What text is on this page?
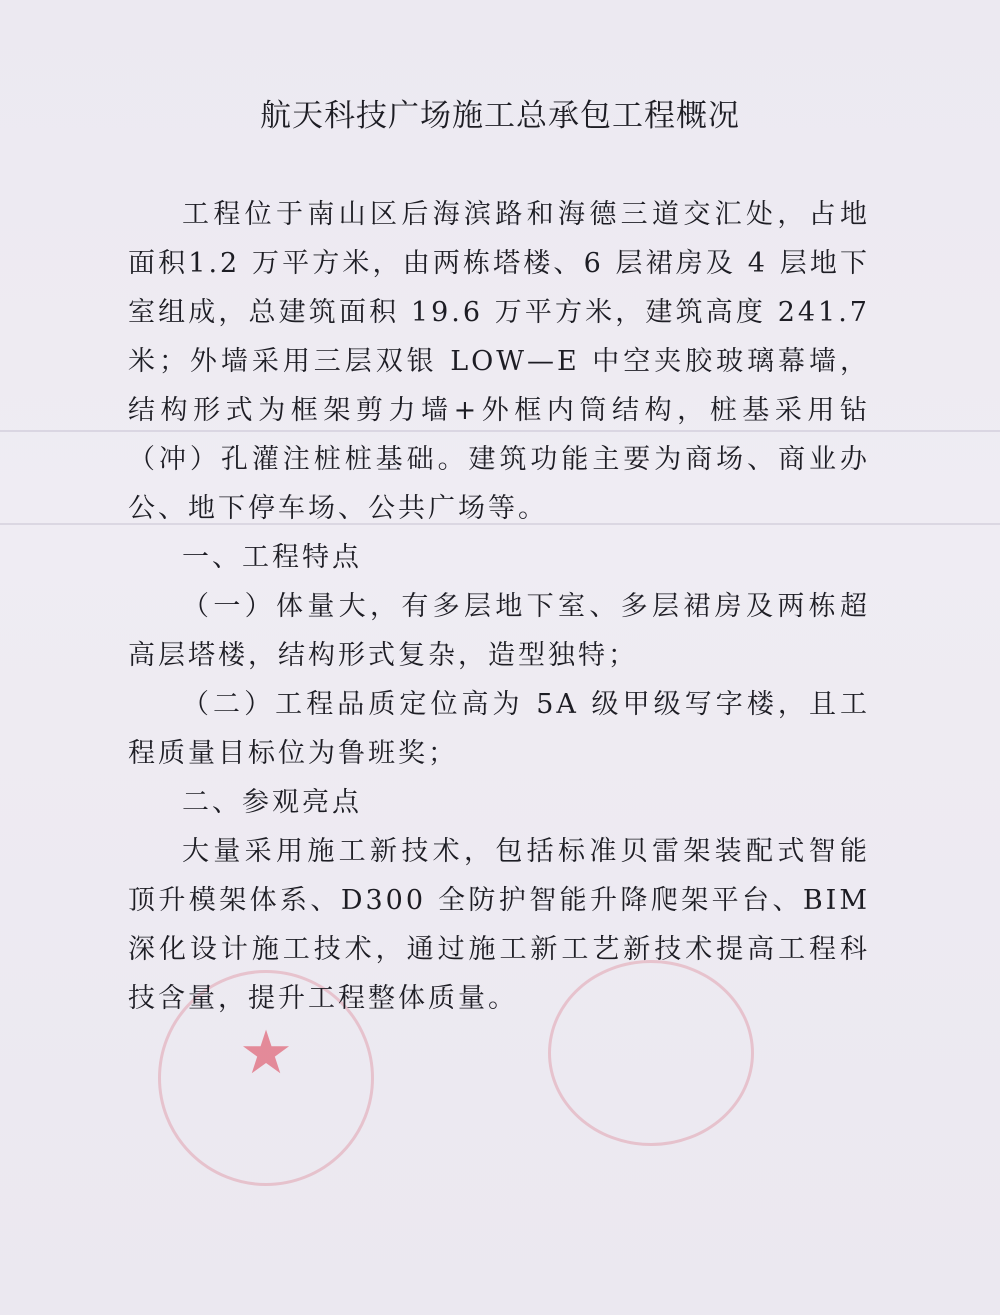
★
航天科技广场施工总承包工程概况

工程位于南山区后海滨路和海德三道交汇处，占地面积1.2 万平方米，由两栋塔楼、6 层裙房及 4 层地下室组成，总建筑面积 19.6 万平方米，建筑高度 241.7 米；外墙采用三层双银 LOW—E 中空夹胶玻璃幕墙，结构形式为框架剪力墙+外框内筒结构，桩基采用钻（冲）孔灌注桩桩基础。建筑功能主要为商场、商业办公、地下停车场、公共广场等。

一、工程特点

（一）体量大，有多层地下室、多层裙房及两栋超高层塔楼，结构形式复杂，造型独特；

（二）工程品质定位高为 5A 级甲级写字楼，且工程质量目标位为鲁班奖；

二、参观亮点

大量采用施工新技术，包括标准贝雷架装配式智能顶升模架体系、D300 全防护智能升降爬架平台、BIM 深化设计施工技术，通过施工新工艺新技术提高工程科技含量，提升工程整体质量。
